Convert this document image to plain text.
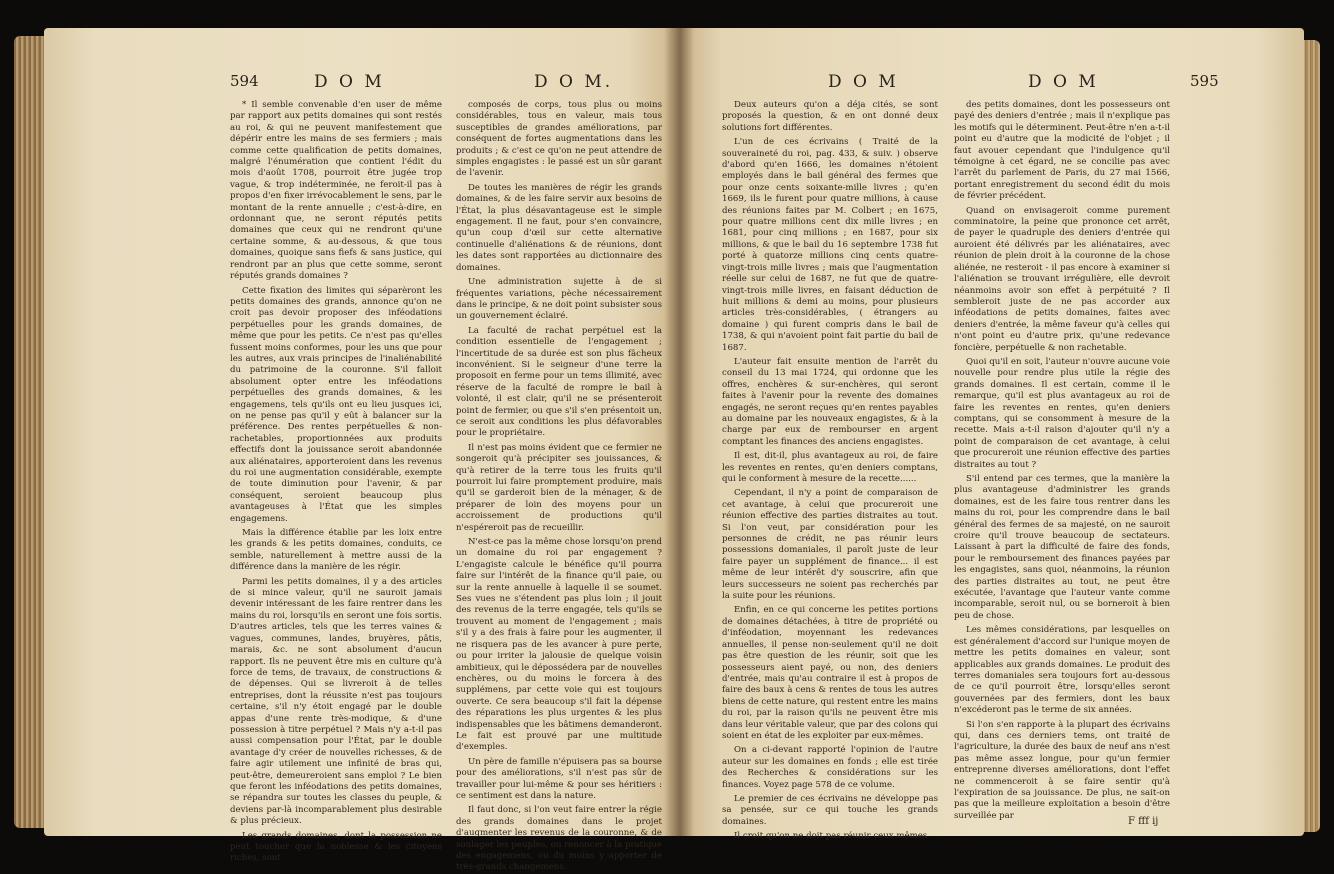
594	D O M	D O M.

* Il semble convenable d'en user de même par rapport aux petits domaines qui sont restés au roi, & qui ne peuvent manifestement que dépérir entre les mains de ses fermiers ; mais comme cette qualification de petits domaines, malgré l'énumération que contient l'édit du mois d'août 1708, pourroit être jugée trop vague, & trop indéterminée, ne feroit-il pas à propos d'en fixer irrévocablement le sens, par le montant de la rente annuelle ; c'est-à-dire, en ordonnant que, ne seront réputés petits domaines que ceux qui ne rendront qu'une certaine somme, & au-dessous, & que tous domaines, quoique sans fiefs & sans justice, qui rendront par an plus que cette somme, seront réputés grands domaines ?

Cette fixation des limites qui séparèront les petits domaines des grands, annonce qu'on ne croit pas devoir proposer des inféodations perpétuelles pour les grands domaines, de même que pour les petits. Ce n'est pas qu'elles fussent moins conformes, pour les uns que pour les autres, aux vrais principes de l'inaliénabilité du patrimoine de la couronne. S'il falloit absolument opter entre les inféodations perpétuelles des grands domaines, & les engagemens, tels qu'ils ont eu lieu jusques ici, on ne pense pas qu'il y eût à balancer sur la préférence. Des rentes perpétuelles & non-rachetables, proportionnées aux produits effectifs dont la jouissance seroit abandonnée aux aliénataires, apporteroient dans les revenus du roi une augmentation considérable, exempte de toute diminution pour l'avenir, & par conséquent, seroient beaucoup plus avantageuses à l'État que les simples engagemens.

Mais la différence établie par les loix entre les grands & les petits domaines, conduits, ce semble, naturellement à mettre aussi de la différence dans la manière de les régir.

Parmi les petits domaines, il y a des articles de si mince valeur, qu'il ne sauroit jamais devenir intéressant de les faire rentrer dans les mains du roi, lorsqu'ils en seront une fois sortis. D'autres articles, tels que les terres vaines & vagues, communes, landes, bruyères, pâtis, marais, &c. ne sont absolument d'aucun rapport. Ils ne peuvent être mis en culture qu'à force de tems, de travaux, de constructions & de dépenses. Qui se livreroit à de telles entreprises, dont la réussite n'est pas toujours certaine, s'il n'y étoit engagé par le double appas d'une rente très-modique, & d'une possession à titre perpétuel ? Mais n'y a-t-il pas aussi compensation pour l'État, par le double avantage d'y créer de nouvelles richesses, & de faire agir utilement une infinité de bras qui, peut-être, demeureroient sans emploi ? Le bien que feront les inféodations des petits domaines, se répandra sur toutes les classes du peuple, & deviens par-là incomparablement plus desirable & plus précieux.

Les grands domaines, dont la possession ne peut toucher que la noblesse & les citoyens riches, sont

composés de corps, tous plus ou moins considérables, tous en valeur, mais tous susceptibles de grandes améliorations, par conséquent de fortes augmentations dans les produits ; & c'est ce qu'on ne peut attendre de simples engagistes : le passé est un sûr garant de l'avenir.

De toutes les manières de régir les grands domaines, & de les faire servir aux besoins de l'État, la plus désavantageuse est le simple engagement. Il ne faut, pour s'en convaincre, qu'un coup d'œil sur cette alternative continuelle d'aliénations & de réunions, dont les dates sont rapportées au dictionnaire des domaines.

Une administration sujette à de si fréquentes variations, pèche nécessairement dans le principe, & ne doit point subsister sous un gouvernement éclairé.

La faculté de rachat perpétuel est la condition essentielle de l'engagement ; l'incertitude de sa durée est son plus fâcheux inconvénient. Si le seigneur d'une terre la proposoit en ferme pour un tems illimité, avec réserve de la faculté de rompre le bail à volonté, il est clair, qu'il ne se présenteroit point de fermier, ou que s'il s'en présentoit un, ce seroit aux conditions les plus défavorables pour le propriétaire.

Il n'est pas moins évident que ce fermier ne songeroit qu'à précipiter ses jouissances, & qu'à retirer de la terre tous les fruits qu'il pourroit lui faire promptement produire, mais qu'il se garderoit bien de la ménager, & de préparer de loin des moyens pour un accroissement de productions qu'il n'espéreroit pas de recueillir.

N'est-ce pas la même chose lorsqu'on prend un domaine du roi par engagement ? L'engagiste calcule le bénéfice qu'il pourra faire sur l'intérêt de la finance qu'il paie, ou sur la rente annuelle à laquelle il se soumet. Ses vues ne s'étendent pas plus loin ; il jouit des revenus de la terre engagée, tels qu'ils se trouvent au moment de l'engagement ; mais s'il y a des frais à faire pour les augmenter, il ne risquera pas de les avancer à pure perte, ou pour irriter la jalousie de quelque voisin ambitieux, qui le dépossédera par de nouvelles enchères, ou du moins le forcera à des supplémens, par cette voie qui est toujours ouverte. Ce sera beaucoup s'il fait la dépense des réparations les plus urgentes & les plus indispensables que les bâtimens demanderont. Le fait est prouvé par une multitude d'exemples.

Un père de famille n'épuisera pas sa bourse pour des améliorations, s'il n'est pas sûr de travailler pour lui-même & pour ses héritiers : ce sentiment est dans la nature.

Il faut donc, si l'on veut faire entrer la régie des grands domaines dans le projet d'augmenter les revenus de la couronne, & de soulager les peuples, ou renoncer à la pratique des engagemens, ou du moins y apporter de très-grands changemens.

D O M	D O M	595

Deux auteurs qu'on a déja cités, se sont proposés la question, & en ont donné deux solutions fort différentes.

L'un de ces écrivains ( Traité de la souveraineté du roi, pag. 433, & suiv. ) observe d'abord qu'en 1666, les domaines n'étoient employés dans le bail général des fermes que pour onze cents soixante-mille livres ; qu'en 1669, ils le furent pour quatre millions, à cause des réunions faites par M. Colbert ; en 1675, pour quatre millions cent dix mille livres ; en 1681, pour cinq millions ; en 1687, pour six millions, & que le bail du 16 septembre 1738 fut porté à quatorze millions cinq cents quatre-vingt-trois mille livres ; mais que l'augmentation réelle sur celui de 1687, ne fut que de quatre-vingt-trois mille livres, en faisant déduction de huit millions & demi au moins, pour plusieurs articles très-considérables, ( étrangers au domaine ) qui furent compris dans le bail de 1738, & qui n'avoient point fait partie du bail de 1687.

L'auteur fait ensuite mention de l'arrêt du conseil du 13 mai 1724, qui ordonne que les offres, enchères & sur-enchères, qui seront faites à l'avenir pour la revente des domaines engagés, ne seront reçues qu'en rentes payables au domaine par les nouveaux engagistes, & à la charge par eux de rembourser en argent comptant les finances des anciens engagistes.

Il est, dit-il, plus avantageux au roi, de faire les reventes en rentes, qu'en deniers comptans, qui le conforment à mesure de la recette......

Cependant, il n'y a point de comparaison de cet avantage, à celui que procureroit une réunion effective des parties distraites au tout. Si l'on veut, par considération pour les personnes de crédit, ne pas réunir leurs possessions domaniales, il paroît juste de leur faire payer un supplément de finance... il est même de leur intérêt d'y souscrire, afin que leurs successeurs ne soient pas recherchés par la suite pour les réunions.

Enfin, en ce qui concerne les petites portions de domaines détachées, à titre de propriété ou d'inféodation, moyennant les redevances annuelles, il pense non-seulement qu'il ne doit pas être question de les réunir, soit que les possesseurs aient payé, ou non, des deniers d'entrée, mais qu'au contraire il est à propos de faire des baux à cens & rentes de tous les autres biens de cette nature, qui restent entre les mains du roi, par la raison qu'ils ne peuvent être mis dans leur véritable valeur, que par des colons qui soient en état de les exploiter par eux-mêmes.

On a ci-devant rapporté l'opinion de l'autre auteur sur les domaines en fonds ; elle est tirée des Recherches & considérations sur les finances. Voyez page 578 de ce volume.

Le premier de ces écrivains ne développe pas sa pensée, sur ce qui touche les grands domaines.

Il croit qu'on ne doit pas réunir ceux mêmes

des petits domaines, dont les possesseurs ont payé des deniers d'entrée ; mais il n'explique pas les motifs qui le déterminent. Peut-être n'en a-t-il point eu d'autre que la modicité de l'objet ; il faut avouer cependant que l'indulgence qu'il témoigne à cet égard, ne se concilie pas avec l'arrêt du parlement de Paris, du 27 mai 1566, portant enregistrement du second édit du mois de février précédent.

Quand on envisageroit comme purement comminatoire, la peine que prononce cet arrêt, de payer le quadruple des deniers d'entrée qui auroient été délivrés par les aliénataires, avec réunion de plein droit à la couronne de la chose aliénée, ne resteroit - il pas encore à examiner si l'aliénation se trouvant irrégulière, elle devroit néanmoins avoir son effet à perpétuité ? Il sembleroit juste de ne pas accorder aux inféodations de petits domaines, faites avec deniers d'entrée, la même faveur qu'à celles qui n'ont point eu d'autre prix, qu'une redevance foncière, perpétuelle & non rachetable.

Quoi qu'il en soit, l'auteur n'ouvre aucune voie nouvelle pour rendre plus utile la régie des grands domaines. Il est certain, comme il le remarque, qu'il est plus avantageux au roi de faire les reventes en rentes, qu'en deniers comptans, qui se consomment à mesure de la recette. Mais a-t-il raison d'ajouter qu'il n'y a point de comparaison de cet avantage, à celui que procureroit une réunion effective des parties distraites au tout ?

S'il entend par ces termes, que la manière la plus avantageuse d'administrer les grands domaines, est de les faire tous rentrer dans les mains du roi, pour les comprendre dans le bail général des fermes de sa majesté, on ne sauroit croire qu'il trouve beaucoup de sectateurs. Laissant à part la difficulté de faire des fonds, pour le remboursement des finances payées par les engagistes, sans quoi, néanmoins, la réunion des parties distraites au tout, ne peut être exécutée, l'avantage que l'auteur vante comme incomparable, seroit nul, ou se borneroit à bien peu de chose.

Les mêmes considérations, par lesquelles on est généralement d'accord sur l'unique moyen de mettre les petits domaines en valeur, sont applicables aux grands domaines. Le produit des terres domaniales sera toujours fort au-dessous de ce qu'il pourroit être, lorsqu'elles seront gouvernées par des fermiers, dont les baux n'excéderont pas le terme de six années.

Si l'on s'en rapporte à la plupart des écrivains qui, dans ces derniers tems, ont traité de l'agriculture, la durée des baux de neuf ans n'est pas même assez longue, pour qu'un fermier entreprenne diverses améliorations, dont l'effet ne commenceroit à se faire sentir qu'à l'expiration de sa jouissance. De plus, ne sait-on pas que la meilleure exploitation a besoin d'être surveillée par

F fff ij
